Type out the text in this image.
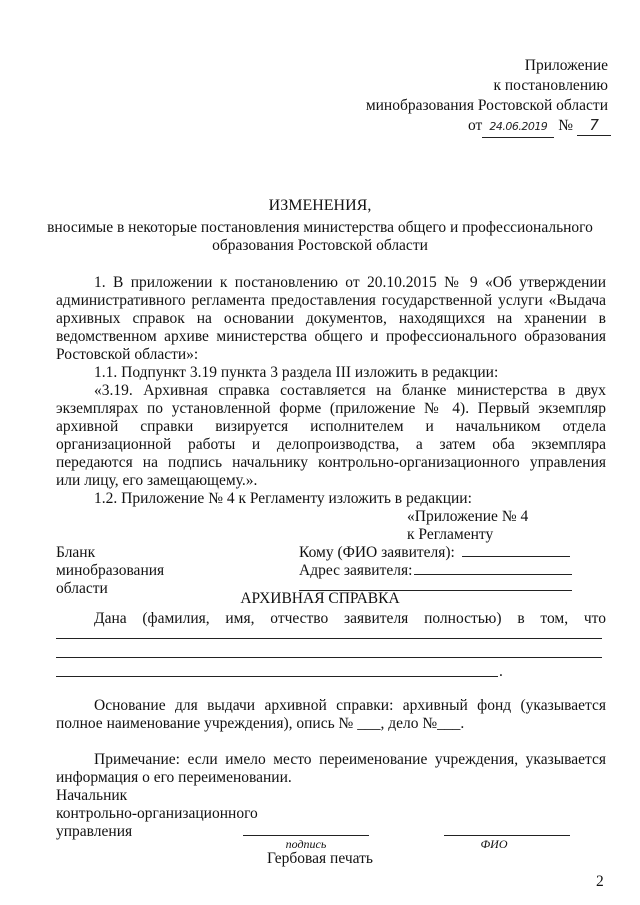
Приложение
к постановлению
минобразования Ростовской области
от 24.06.2019 № 7
ИЗМЕНЕНИЯ,
вносимые в некоторые постановления министерства общего и профессионального
образования Ростовской области
1. В приложении к постановлению от 20.10.2015 № 9 «Об утверждении
административного регламента предоставления государственной услуги «Выдача
архивных справок на основании документов, находящихся на хранении в
ведомственном архиве министерства общего и профессионального образования
Ростовской области»:
1.1. Подпункт 3.19 пункта 3 раздела III изложить в редакции:
«3.19. Архивная справка составляется на бланке министерства в двух
экземплярах по установленной форме (приложение № 4). Первый экземпляр
архивной справки визируется исполнителем и начальником отдела
организационной работы и делопроизводства, а затем оба экземпляра
передаются на подпись начальнику контрольно-организационного управления
или лицу, его замещающему.».
1.2. Приложение № 4 к Регламенту изложить в редакции:
«Приложение № 4
к Регламенту
Бланк
минобразования
области
Кому (ФИО заявителя):
Адрес заявителя:
АРХИВНАЯ СПРАВКА
Дана (фамилия, имя, отчество заявителя полностью) в том, что
.
Основание для выдачи архивной справки: архивный фонд (указывается
полное наименование учреждения), опись № ___, дело №___.
Примечание: если имело место переименование учреждения, указывается
информация о его переименовании.
Начальник
контрольно-организационного
управления
подпись	ФИО
Гербовая печать
2
